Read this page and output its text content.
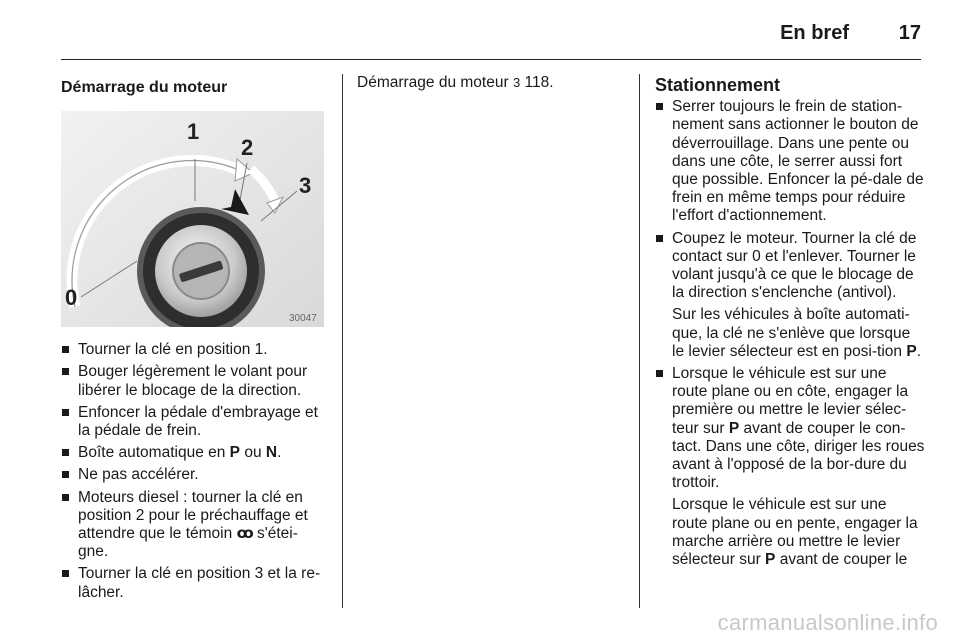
En bref 17
Démarrage du moteur
1
2
3
0
30047
Tourner la clé en position 1.
Bouger légèrement le volant pour libérer le blocage de la direction.
Enfoncer la pédale d'embrayage et la pédale de frein.
Boîte automatique en P ou N.
Ne pas accélérer.
Moteurs diesel : tourner la clé en position 2 pour le préchauffage et attendre que le témoin ꝏ s'étei-gne.
Tourner la clé en position 3 et la re-lâcher.
Démarrage du moteur 3 118.	Stationnement
Serrer toujours le frein de station-nement sans actionner le bouton de déverrouillage. Dans une pente ou dans une côte, le serrer aussi fort que possible. Enfoncer la pé-dale de frein en même temps pour réduire l'effort d'actionnement.
Coupez le moteur. Tourner la clé de contact sur 0 et l'enlever. Tourner le volant jusqu'à ce que le blocage de la direction s'enclenche (antivol).
Sur les véhicules à boîte automati-que, la clé ne s'enlève que lorsque le levier sélecteur est en posi-tion P.
Lorsque le véhicule est sur une route plane ou en côte, engager la première ou mettre le levier sélec-teur sur P avant de couper le con-tact. Dans une côte, diriger les roues avant à l'opposé de la bor-dure du trottoir.
Lorsque le véhicule est sur une route plane ou en pente, engager la marche arrière ou mettre le levier sélecteur sur P avant de couper le
carmanualsonline.info
